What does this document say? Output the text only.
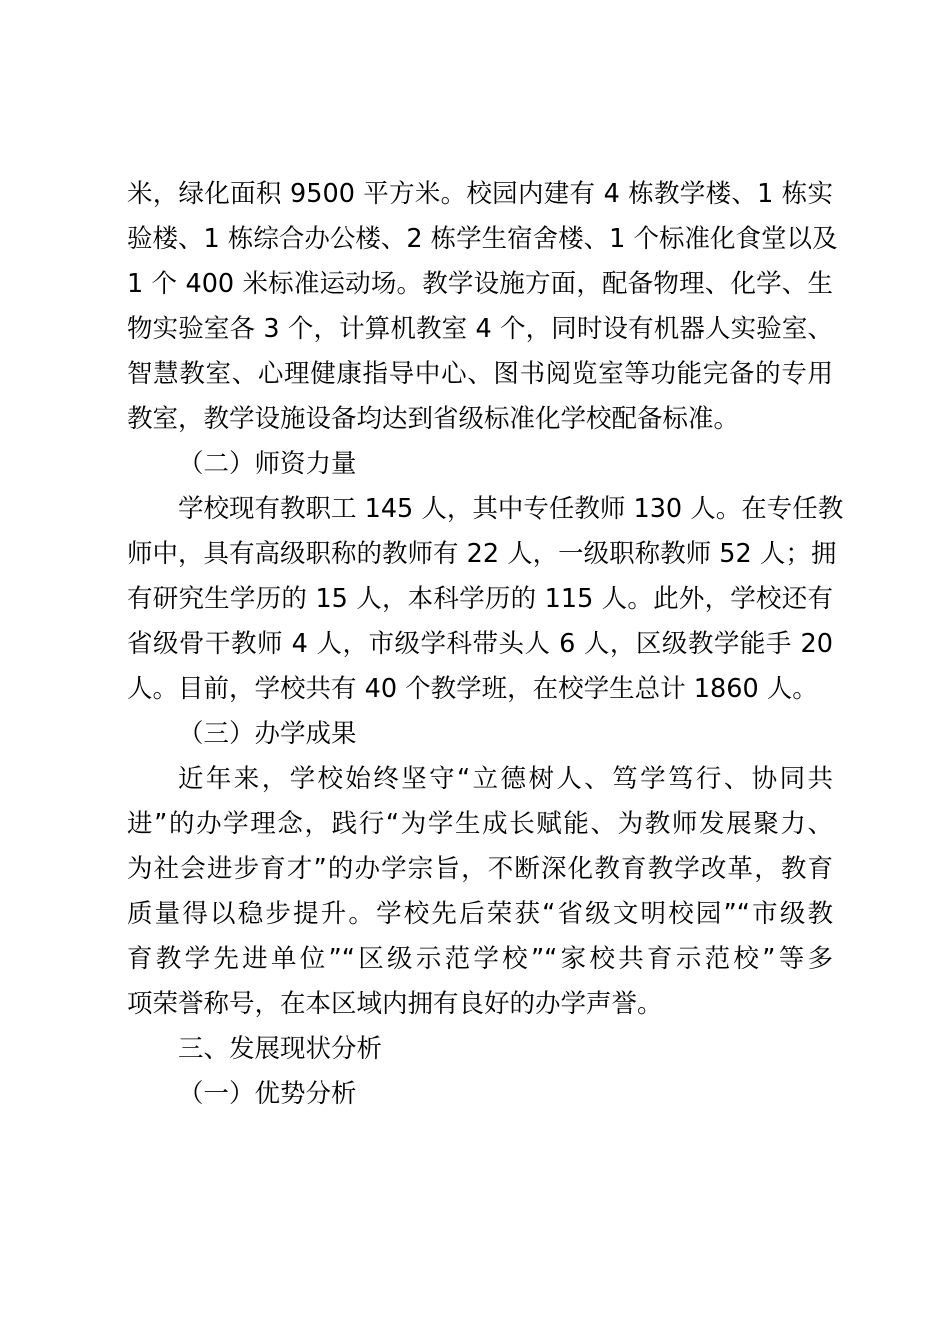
米，绿化面积 9500 平方米。校园内建有 4 栋教学楼、1 栋实
验楼、1 栋综合办公楼、2 栋学生宿舍楼、1 个标准化食堂以及
1 个 400 米标准运动场。教学设施方面，配备物理、化学、生
物实验室各 3 个，计算机教室 4 个，同时设有机器人实验室、
智慧教室、心理健康指导中心、图书阅览室等功能完备的专用
教室，教学设施设备均达到省级标准化学校配备标准。
（二）师资力量
学校现有教职工 145 人，其中专任教师 130 人。在专任教
师中，具有高级职称的教师有 22 人，一级职称教师 52 人；拥
有研究生学历的 15 人，本科学历的 115 人。此外，学校还有
省级骨干教师 4 人，市级学科带头人 6 人，区级教学能手 20
人。目前，学校共有 40 个教学班，在校学生总计 1860 人。
（三）办学成果
近年来，学校始终坚守“立德树人、笃学笃行、协同共
进”的办学理念，践行“为学生成长赋能、为教师发展聚力、
为社会进步育才”的办学宗旨，不断深化教育教学改革，教育
质量得以稳步提升。学校先后荣获“省级文明校园”“市级教
育教学先进单位”“区级示范学校”“家校共育示范校”等多
项荣誉称号，在本区域内拥有良好的办学声誉。
三、发展现状分析
（一）优势分析
